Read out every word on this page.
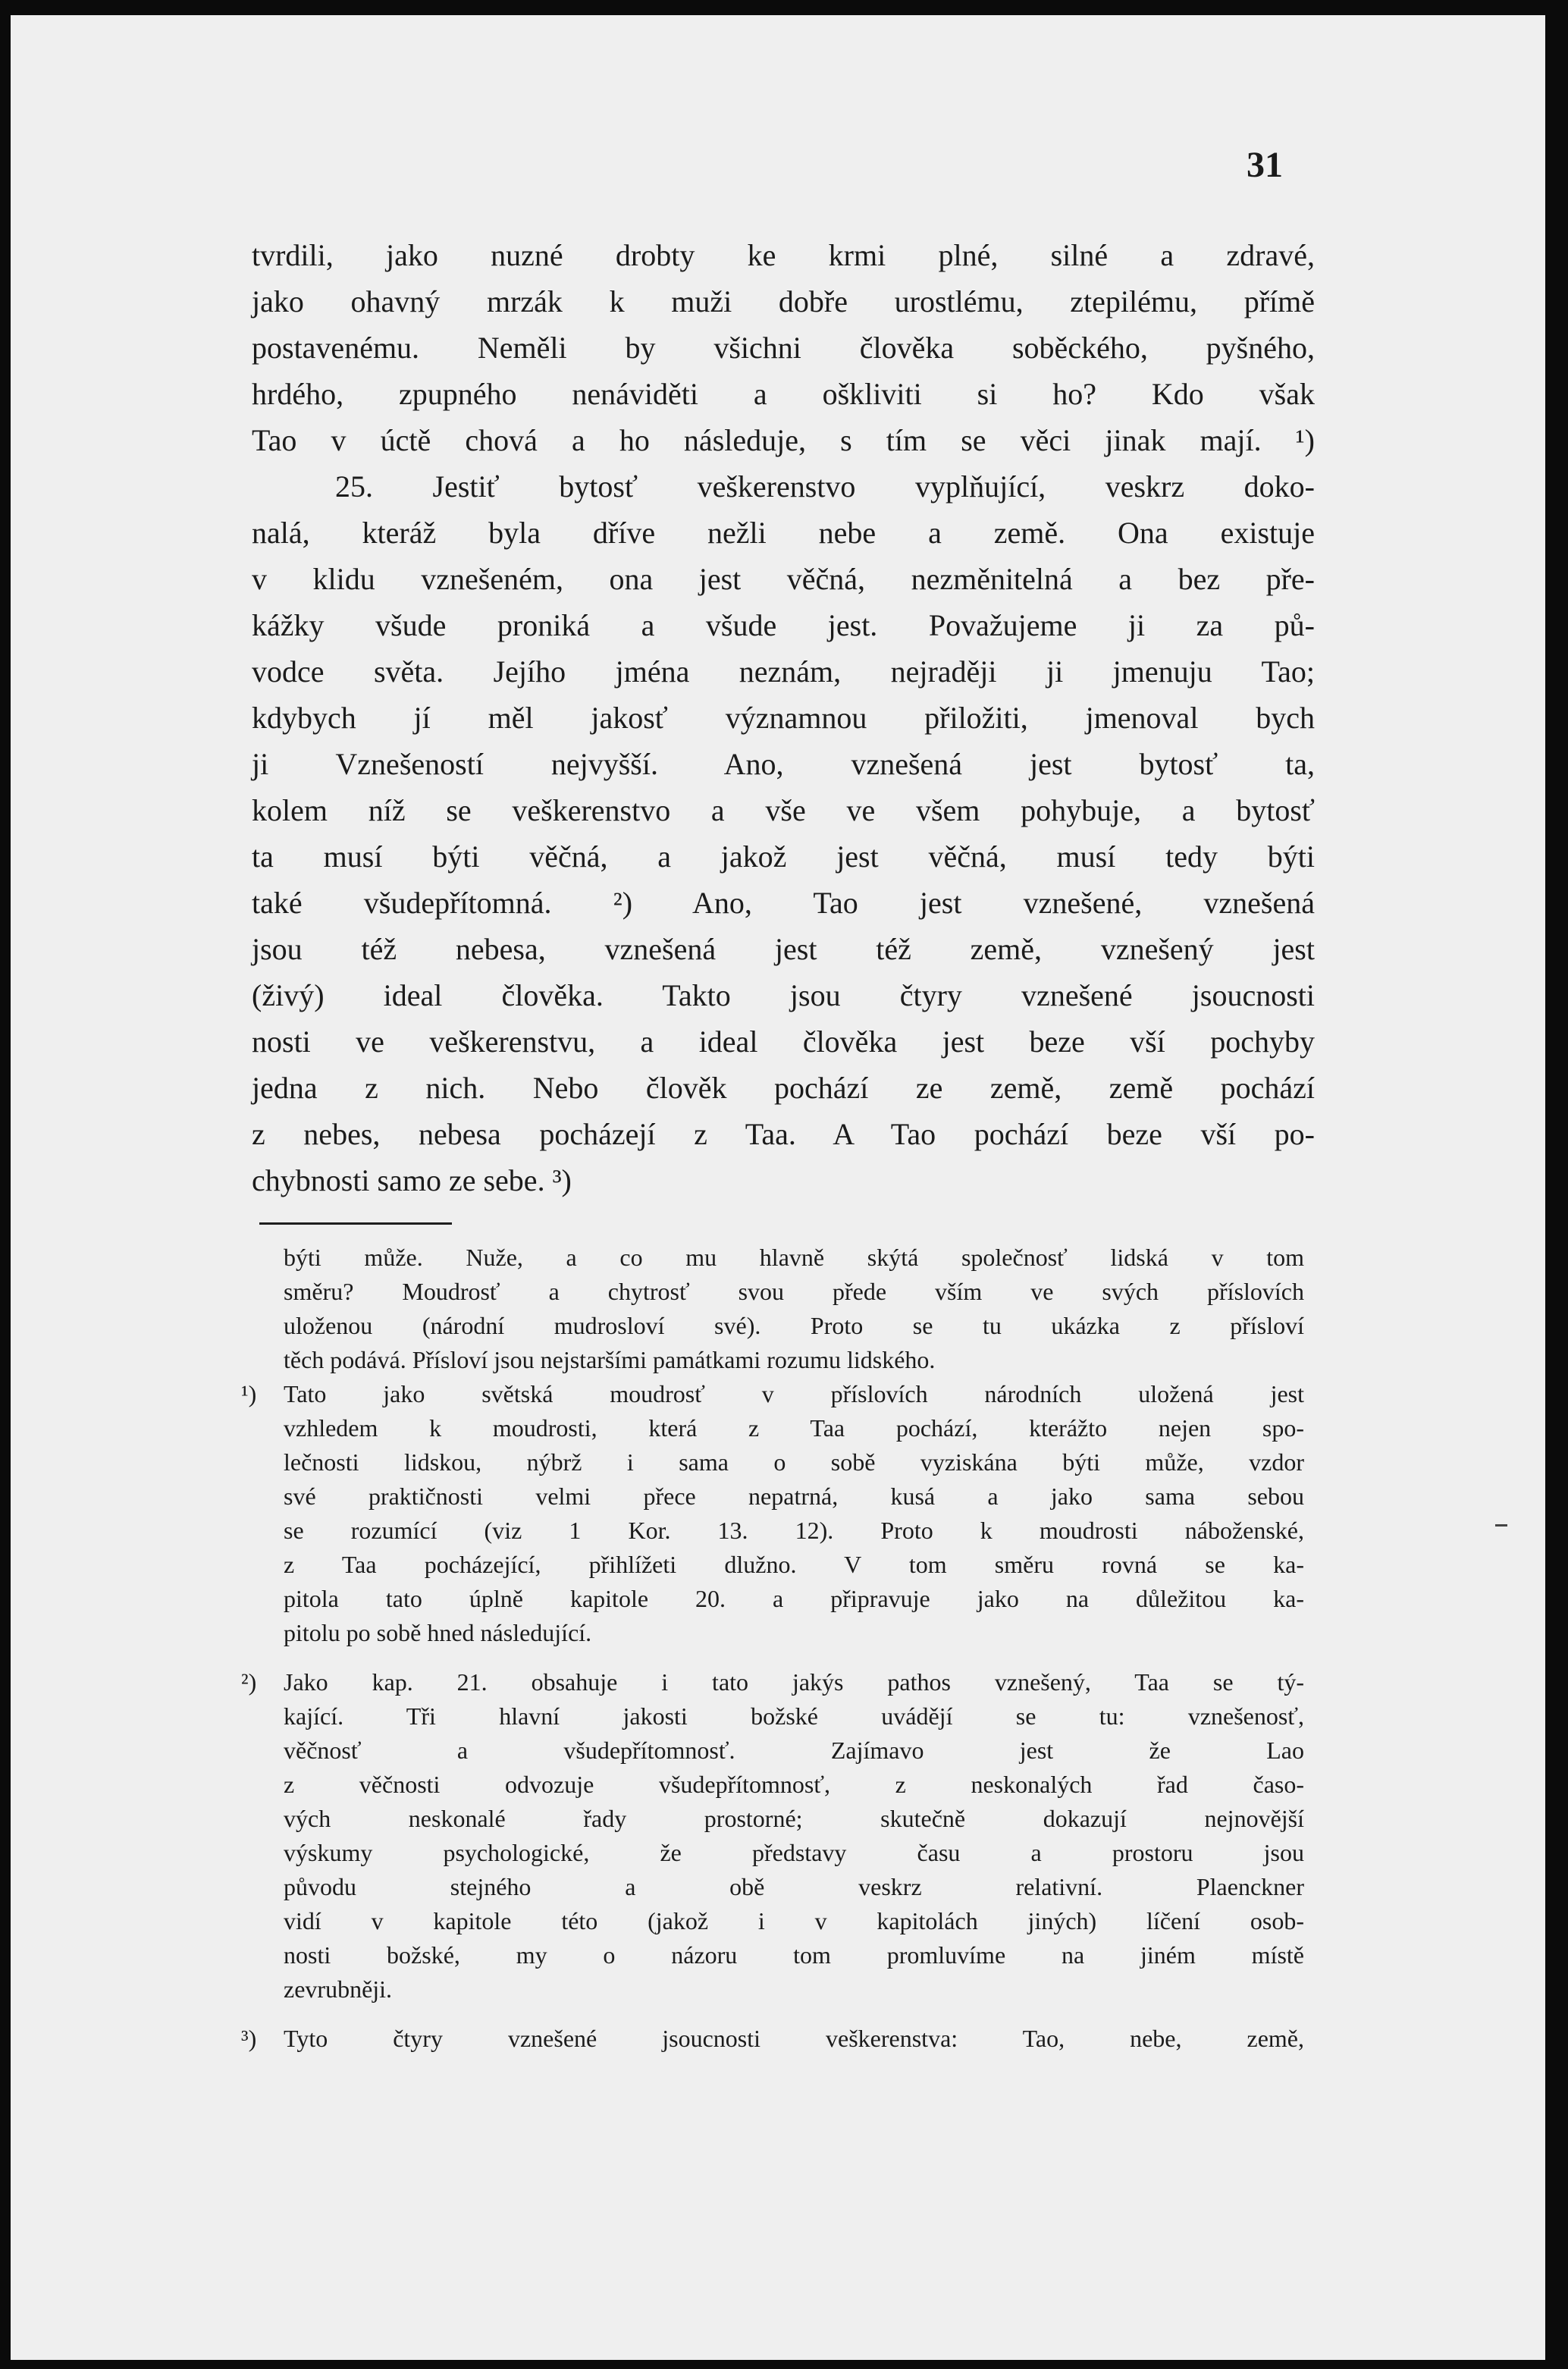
31
tvrdili, jako nuzné drobty ke krmi plné, silné a zdravé,
jako ohavný mrzák k muži dobře urostlému, ztepilému, přímě
postavenému. Neměli by všichni člověka soběckého, pyšného,
hrdého, zpupného nenáviděti a oškliviti si ho? Kdo však
Tao v úctě chová a ho následuje, s tím se věci jinak mají. ¹)
25. Jestiť bytosť veškerenstvo vyplňující, veskrz doko-
nalá, kteráž byla dříve nežli nebe a země. Ona existuje
v klidu vznešeném, ona jest věčná, nezměnitelná a bez pře-
kážky všude proniká a všude jest. Považujeme ji za pů-
vodce světa. Jejího jména neznám, nejraději ji jmenuju Tao;
kdybych jí měl jakosť významnou přiložiti, jmenoval bych
ji Vznešeností nejvyšší. Ano, vznešená jest bytosť ta,
kolem níž se veškerenstvo a vše ve všem pohybuje, a bytosť
ta musí býti věčná, a jakož jest věčná, musí tedy býti
také všudepřítomná. ²) Ano, Tao jest vznešené, vznešená
jsou též nebesa, vznešená jest též země, vznešený jest
(živý) ideal člověka. Takto jsou čtyry vznešené jsoucnosti
nosti ve veškerenstvu, a ideal člověka jest beze vší pochyby
jedna z nich. Nebo člověk pochází ze země, země pochází
z nebes, nebesa pocházejí z Taa. A Tao pochází beze vší po-
chybnosti samo ze sebe. ³)
býti může. Nuže, a co mu hlavně skýtá společnosť lidská v tom
směru? Moudrosť a chytrosť svou přede vším ve svých příslovích
uloženou (národní mudrosloví své). Proto se tu ukázka z přísloví
těch podává. Přísloví jsou nejstaršími památkami rozumu lidského.
¹) Tato jako světská moudrosť v příslovích národních uložená jest
vzhledem k moudrosti, která z Taa pochází, kterážto nejen spo-
lečnosti lidskou, nýbrž i sama o sobě vyziskána býti může, vzdor
své praktičnosti velmi přece nepatrná, kusá a jako sama sebou
se rozumící (viz 1 Kor. 13. 12). Proto k moudrosti náboženské,
z Taa pocházející, přihlížeti dlužno. V tom směru rovná se ka-
pitola tato úplně kapitole 20. a připravuje jako na důležitou ka-
pitolu po sobě hned následující.
²) Jako kap. 21. obsahuje i tato jakýs pathos vznešený, Taa se tý-
kající. Tři hlavní jakosti božské uvádějí se tu: vznešenosť,
věčnosť a všudepřítomnosť. Zajímavo jest že Lao
z věčnosti odvozuje všudepřítomnosť, z neskonalých řad časo-
vých neskonalé řady prostorné; skutečně dokazují nejnovější
výskumy psychologické, že představy času a prostoru jsou
původu stejného a obě veskrz relativní. Plaenckner
vidí v kapitole této (jakož i v kapitolách jiných) líčení osob-
nosti božské, my o názoru tom promluvíme na jiném místě
zevrubněji.
³) Tyto čtyry vznešené jsoucnosti veškerenstva: Tao, nebe, země,
